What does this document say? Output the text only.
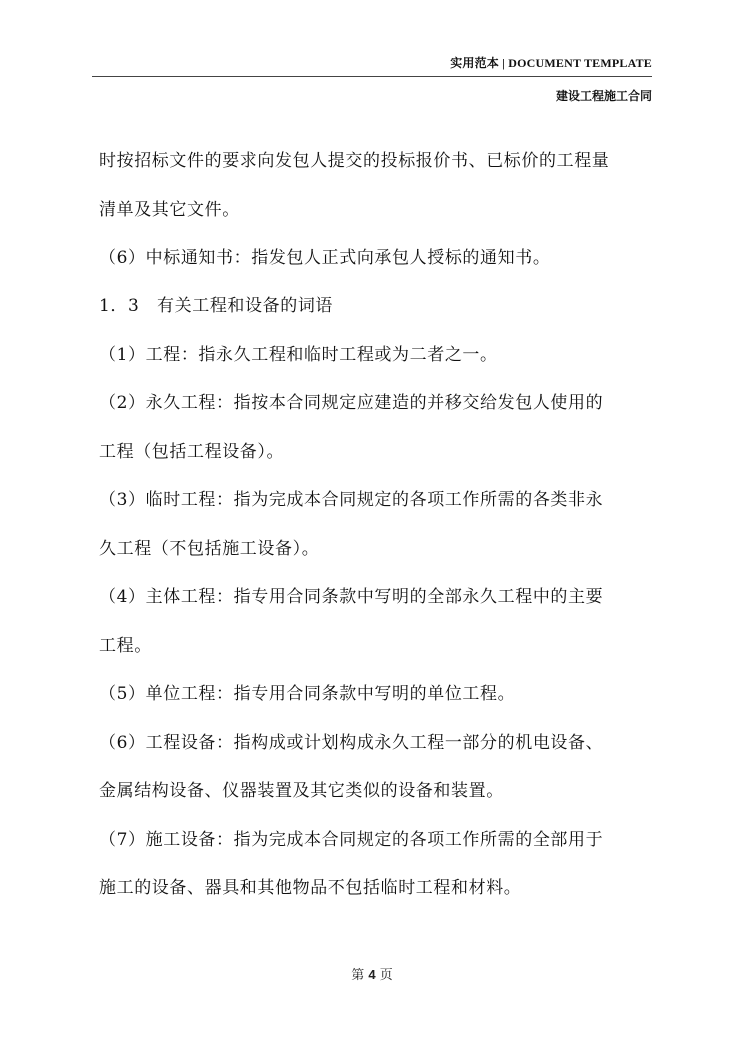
实用范本 | DOCUMENT TEMPLATE
建设工程施工合同
时按招标文件的要求向发包人提交的投标报价书、已标价的工程量
清单及其它文件。
（6）中标通知书：指发包人正式向承包人授标的通知书。
1．3　有关工程和设备的词语
（1）工程：指永久工程和临时工程或为二者之一。
（2）永久工程：指按本合同规定应建造的并移交给发包人使用的
工程（包括工程设备）。
（3）临时工程：指为完成本合同规定的各项工作所需的各类非永
久工程（不包括施工设备）。
（4）主体工程：指专用合同条款中写明的全部永久工程中的主要
工程。
（5）单位工程：指专用合同条款中写明的单位工程。
（6）工程设备：指构成或计划构成永久工程一部分的机电设备、
金属结构设备、仪器装置及其它类似的设备和装置。
（7）施工设备：指为完成本合同规定的各项工作所需的全部用于
施工的设备、器具和其他物品不包括临时工程和材料。
第 4 页
